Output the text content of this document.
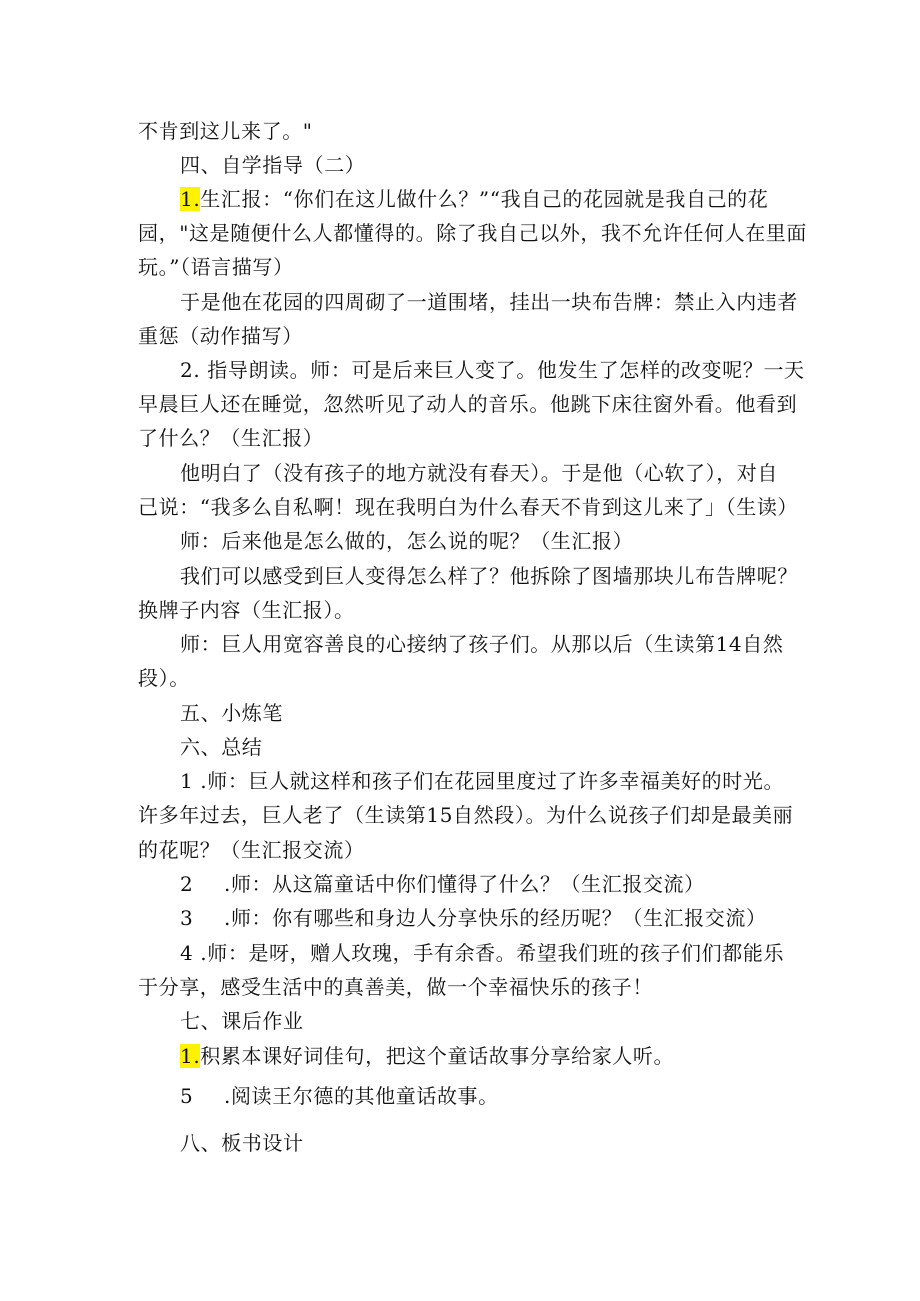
不肯到这儿来了。"
四、自学指导（二）
1.生汇报：“你们在这儿做什么？”“我自己的花园就是我自己的花
园，"这是随便什么人都懂得的。除了我自己以外，我不允许任何人在里面
玩。”（语言描写）
于是他在花园的四周砌了一道围堵，挂出一块布告牌：禁止入内违者
重惩（动作描写）
2. 指导朗读。师：可是后来巨人变了。他发生了怎样的改变呢？一天
早晨巨人还在睡觉，忽然听见了动人的音乐。他跳下床往窗外看。他看到
了什么？（生汇报）
他明白了（没有孩子的地方就没有春天）。于是他（心软了），对自
己说：“我多么自私啊！现在我明白为什么春天不肯到这儿来了」（生读）
师：后来他是怎么做的，怎么说的呢？（生汇报）
我们可以感受到巨人变得怎么样了？他拆除了图墙那块儿布告牌呢？
换牌子内容（生汇报）。
师：巨人用宽容善良的心接纳了孩子们。从那以后（生读第14自然
段）。
五、小炼笔
六、总结
1 .师：巨人就这样和孩子们在花园里度过了许多幸福美好的时光。
许多年过去，巨人老了（生读第15自然段）。为什么说孩子们却是最美丽
的花呢？（生汇报交流）
2 .师：从这篇童话中你们懂得了什么？（生汇报交流）
3 .师：你有哪些和身边人分享快乐的经历呢？（生汇报交流）
4 .师：是呀，赠人玫瑰，手有余香。希望我们班的孩子们们都能乐
于分享，感受生活中的真善美，做一个幸福快乐的孩子！
七、课后作业
1.积累本课好词佳句，把这个童话故事分享给家人听。
5 .阅读王尔德的其他童话故事。
八、板书设计
